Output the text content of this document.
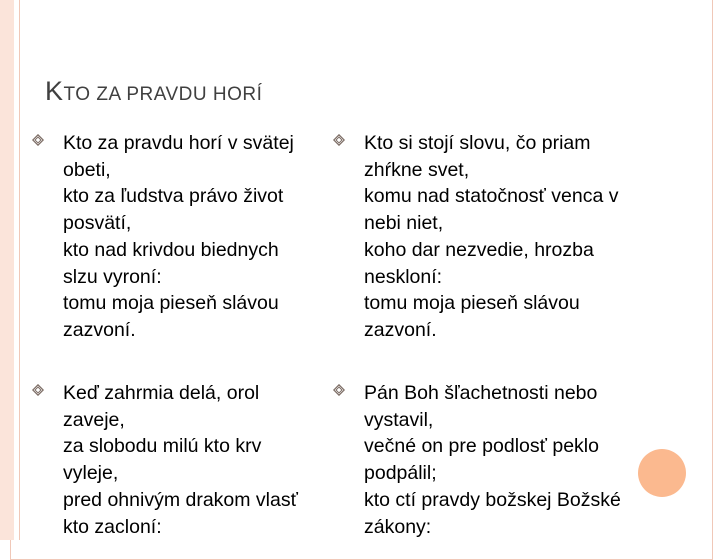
KTO ZA PRAVDU HORÍ
Kto za pravdu horí v svätej
obeti,
kto za ľudstva právo život
posvätí,
kto nad krivdou biednych
slzu vyroní:
tomu moja pieseň slávou
zazvoní.
Kto si stojí slovu, čo priam
zhŕkne svet,
komu nad statočnosť venca v
nebi niet,
koho dar nezvedie, hrozba
neskloní:
tomu moja pieseň slávou
zazvoní.
Keď zahrmia delá, orol
zaveje,
za slobodu milú kto krv
vyleje,
pred ohnivým drakom vlasť
kto zacloní:
Pán Boh šľachetnosti nebo
vystavil,
večné on pre podlosť peklo
podpálil;
kto ctí pravdy božskej Božské
zákony:
